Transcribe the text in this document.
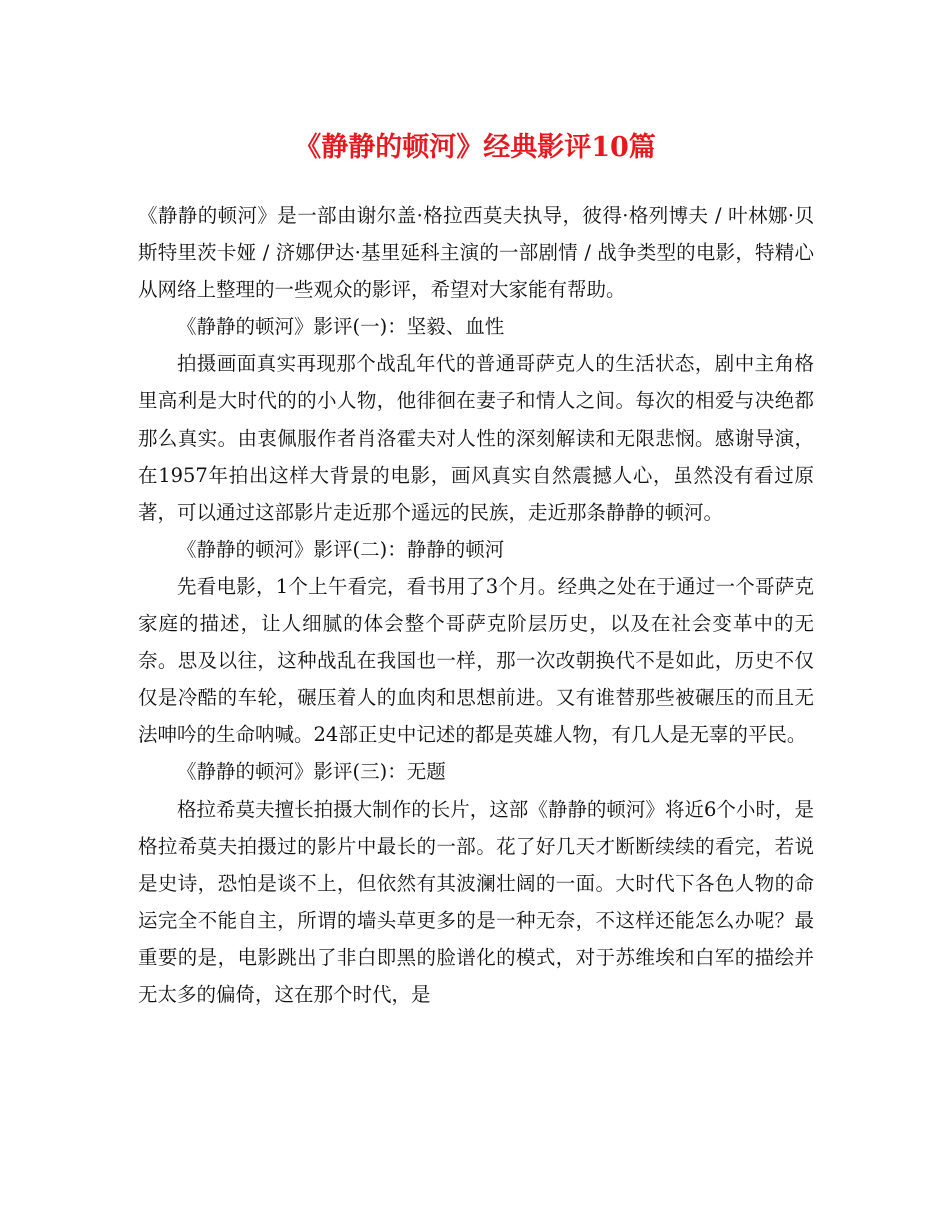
《静静的顿河》经典影评10篇

《静静的顿河》是一部由谢尔盖·格拉西莫夫执导，彼得·格列博夫 / 叶林娜·贝斯特里茨卡娅 / 济娜伊达·基里延科主演的一部剧情 / 战争类型的电影，特精心从网络上整理的一些观众的影评，希望对大家能有帮助。

《静静的顿河》影评(一)：坚毅、血性

拍摄画面真实再现那个战乱年代的普通哥萨克人的生活状态，剧中主角格里高利是大时代的的小人物，他徘徊在妻子和情人之间。每次的相爱与决绝都那么真实。由衷佩服作者肖洛霍夫对人性的深刻解读和无限悲悯。感谢导演，在1957年拍出这样大背景的电影，画风真实自然震撼人心，虽然没有看过原著，可以通过这部影片走近那个遥远的民族，走近那条静静的顿河。

《静静的顿河》影评(二)：静静的顿河

先看电影，1个上午看完，看书用了3个月。经典之处在于通过一个哥萨克家庭的描述，让人细腻的体会整个哥萨克阶层历史，以及在社会变革中的无奈。思及以往，这种战乱在我国也一样，那一次改朝换代不是如此，历史不仅仅是冷酷的车轮，碾压着人的血肉和思想前进。又有谁替那些被碾压的而且无法呻吟的生命呐喊。24部正史中记述的都是英雄人物，有几人是无辜的平民。

《静静的顿河》影评(三)：无题

格拉希莫夫擅长拍摄大制作的长片，这部《静静的顿河》将近6个小时，是格拉希莫夫拍摄过的影片中最长的一部。花了好几天才断断续续的看完，若说是史诗，恐怕是谈不上，但依然有其波澜壮阔的一面。大时代下各色人物的命运完全不能自主，所谓的墙头草更多的是一种无奈，不这样还能怎么办呢？最重要的是，电影跳出了非白即黑的脸谱化的模式，对于苏维埃和白军的描绘并无太多的偏倚，这在那个时代，是
